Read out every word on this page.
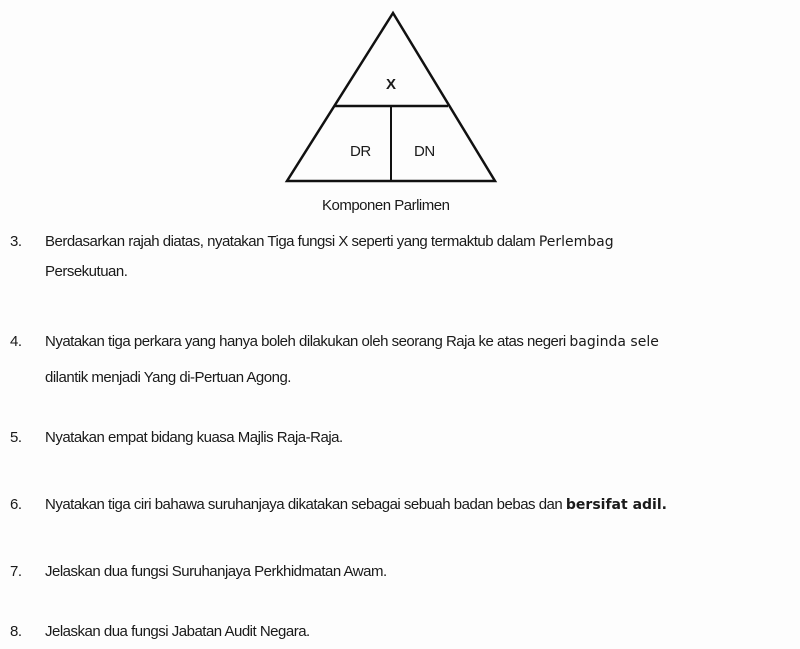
X
DR	DN
Komponen Parlimen
3. Berdasarkan rajah diatas, nyatakan Tiga fungsi X seperti yang termaktub dalam Perlembag
Persekutuan.
4. Nyatakan tiga perkara yang hanya boleh dilakukan oleh seorang Raja ke atas negeri baginda sele
dilantik menjadi Yang di-Pertuan Agong.
5. Nyatakan empat bidang kuasa Majlis Raja-Raja.
6. Nyatakan tiga ciri bahawa suruhanjaya dikatakan sebagai sebuah badan bebas dan bersifat adil.
7. Jelaskan dua fungsi Suruhanjaya Perkhidmatan Awam.
8. Jelaskan dua fungsi Jabatan Audit Negara.
